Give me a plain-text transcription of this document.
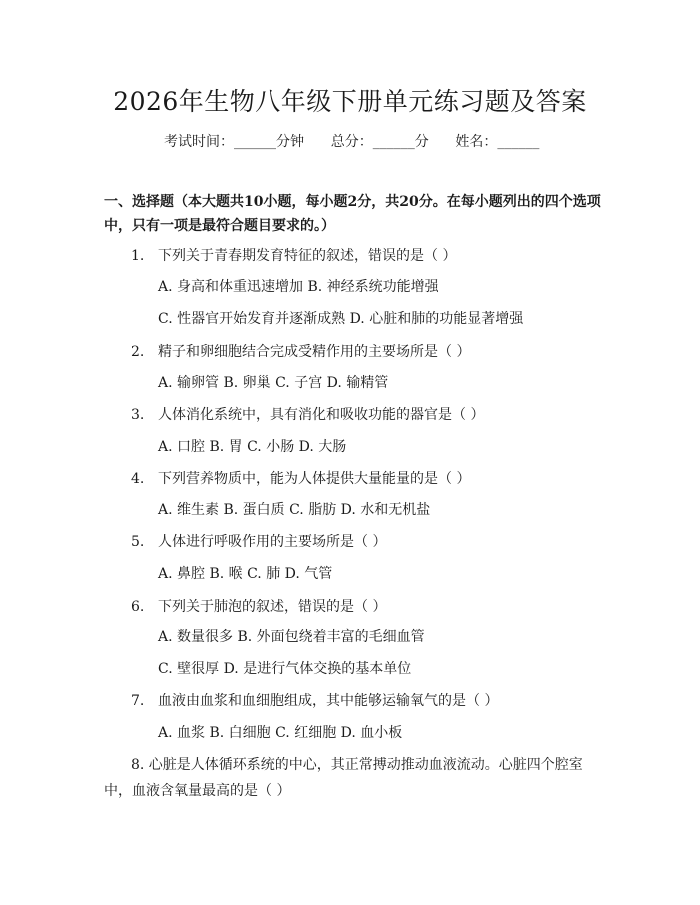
2026年生物八年级下册单元练习题及答案
考试时间：______分钟      总分：______分      姓名：______

一、选择题（本大题共10小题，每小题2分，共20分。在每小题列出的四个选项中，只有一项是最符合题目要求的。）

1. 下列关于青春期发育特征的叙述，错误的是（ ）
A. 身高和体重迅速增加 B. 神经系统功能增强
C. 性器官开始发育并逐渐成熟 D. 心脏和肺的功能显著增强
2. 精子和卵细胞结合完成受精作用的主要场所是（ ）
A. 输卵管 B. 卵巢 C. 子宫 D. 输精管
3. 人体消化系统中，具有消化和吸收功能的器官是（ ）
A. 口腔 B. 胃 C. 小肠 D. 大肠
4. 下列营养物质中，能为人体提供大量能量的是（ ）
A. 维生素 B. 蛋白质 C. 脂肪 D. 水和无机盐
5. 人体进行呼吸作用的主要场所是（ ）
A. 鼻腔 B. 喉 C. 肺 D. 气管
6. 下列关于肺泡的叙述，错误的是（ ）
A. 数量很多 B. 外面包绕着丰富的毛细血管
C. 壁很厚 D. 是进行气体交换的基本单位
7. 血液由血浆和血细胞组成，其中能够运输氧气的是（ ）
A. 血浆 B. 白细胞 C. 红细胞 D. 血小板

8. 心脏是人体循环系统的中心，其正常搏动推动血液流动。心脏四个腔室中，血液含氧量最高的是（ ）
